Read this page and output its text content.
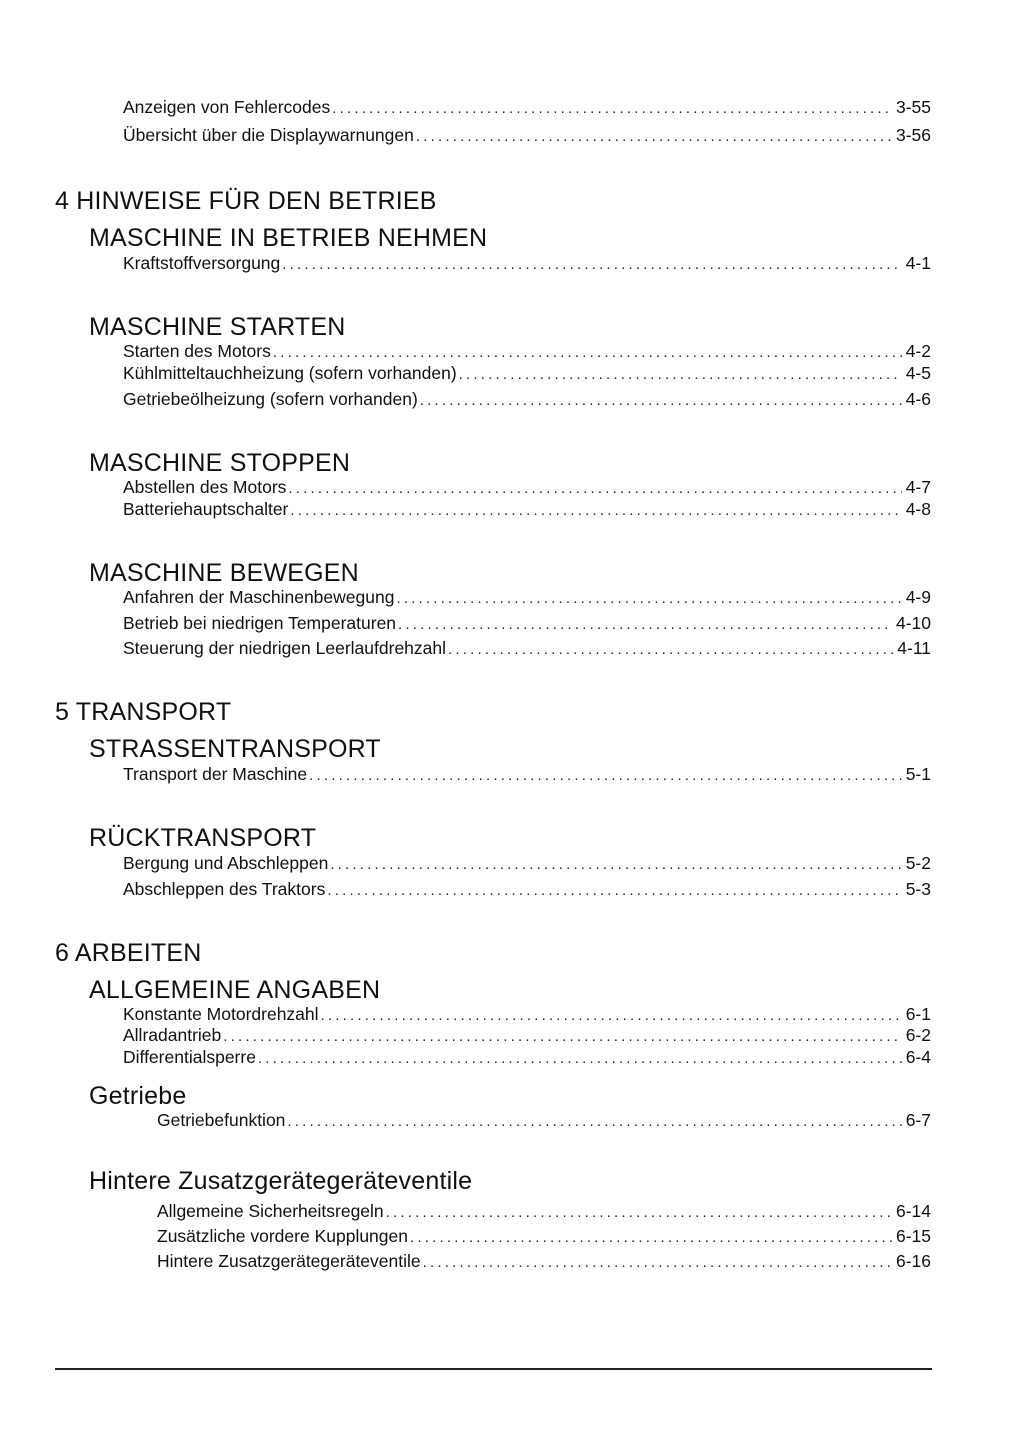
Anzeigen von Fehlercodes .....	3-55
Übersicht über die Displaywarnungen .....	3-56
4 HINWEISE FÜR DEN BETRIEB
MASCHINE IN BETRIEB NEHMEN
Kraftstoffversorgung .....	4-1
MASCHINE STARTEN
Starten des Motors .....	4-2
Kühlmitteltauchheizung (sofern vorhanden) .....	4-5
Getriebeölheizung (sofern vorhanden) .....	4-6
MASCHINE STOPPEN
Abstellen des Motors .....	4-7
Batteriehauptschalter .....	4-8
MASCHINE BEWEGEN
Anfahren der Maschinenbewegung .....	4-9
Betrieb bei niedrigen Temperaturen .....	4-10
Steuerung der niedrigen Leerlaufdrehzahl .....	4-11
5 TRANSPORT
STRASSENTRANSPORT
Transport der Maschine .....	5-1
RÜCKTRANSPORT
Bergung und Abschleppen .....	5-2
Abschleppen des Traktors .....	5-3
6 ARBEITEN
ALLGEMEINE ANGABEN
Konstante Motordrehzahl .....	6-1
Allradantrieb .....	6-2
Differentialsperre .....	6-4
Getriebe
Getriebefunktion .....	6-7
Hintere Zusatzgerätegeräteventile
Allgemeine Sicherheitsregeln .....	6-14
Zusätzliche vordere Kupplungen .....	6-15
Hintere Zusatzgerätegeräteventile .....	6-16
